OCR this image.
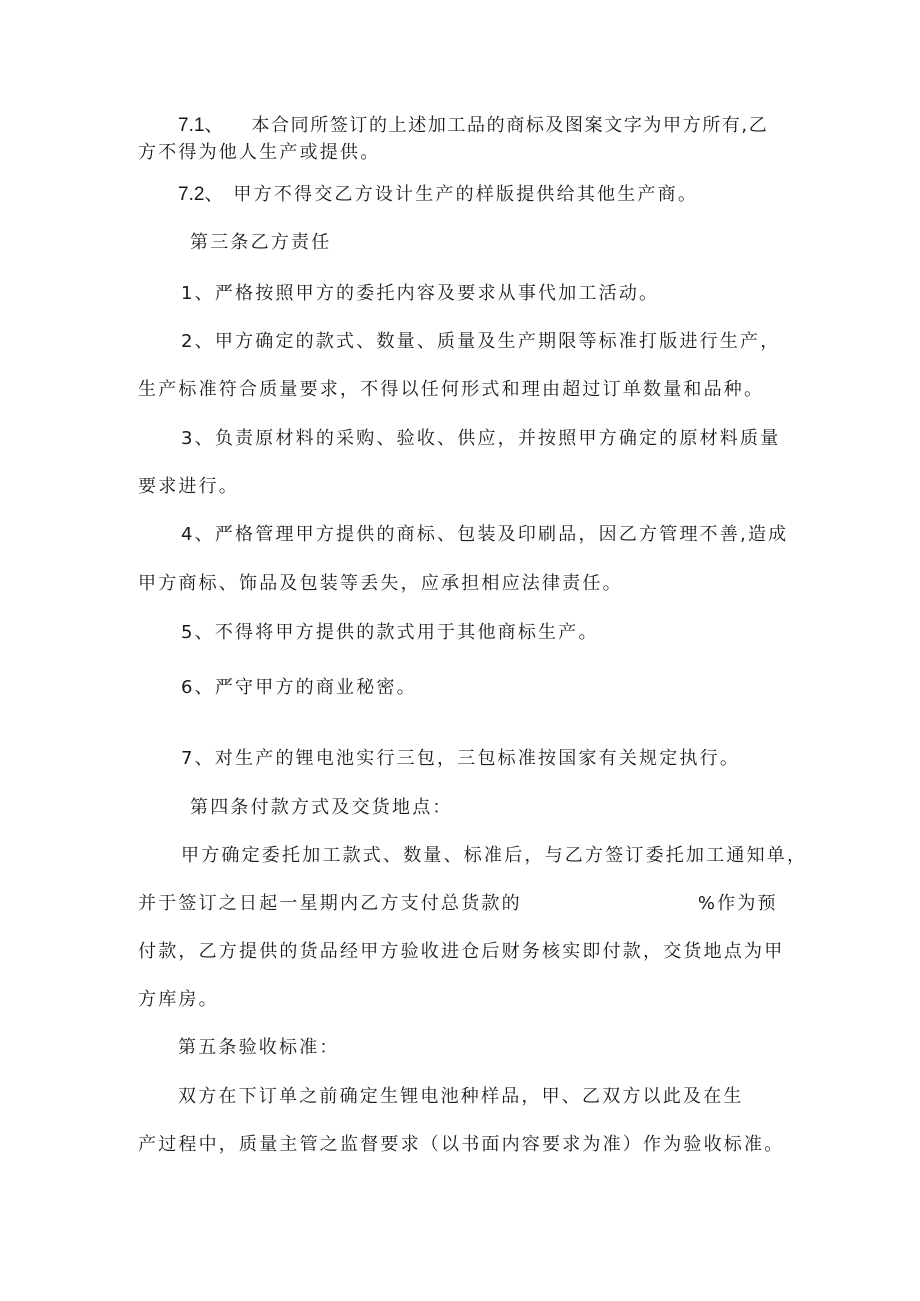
7.1、 本合同所签订的上述加工品的商标及图案文字为甲方所有,乙
方不得为他人生产或提供。
7.2、 甲方不得交乙方设计生产的样版提供给其他生产商。
第三条乙方责任
1、严格按照甲方的委托内容及要求从事代加工活动。
2、甲方确定的款式、数量、质量及生产期限等标准打版进行生产，
生产标准符合质量要求，不得以任何形式和理由超过订单数量和品种。
3、负责原材料的采购、验收、供应，并按照甲方确定的原材料质量
要求进行。
4、严格管理甲方提供的商标、包装及印刷品，因乙方管理不善,造成
甲方商标、饰品及包装等丢失，应承担相应法律责任。
5、不得将甲方提供的款式用于其他商标生产。
6、严守甲方的商业秘密。
7、对生产的锂电池实行三包，三包标准按国家有关规定执行。
第四条付款方式及交货地点：
甲方确定委托加工款式、数量、标准后，与乙方签订委托加工通知单，
并于签订之日起一星期内乙方支付总货款的	%作为预
付款，乙方提供的货品经甲方验收进仓后财务核实即付款，交货地点为甲
方库房。
第五条验收标准：
双方在下订单之前确定生锂电池种样品，甲、乙双方以此及在生
产过程中，质量主管之监督要求（以书面内容要求为准）作为验收标准。
